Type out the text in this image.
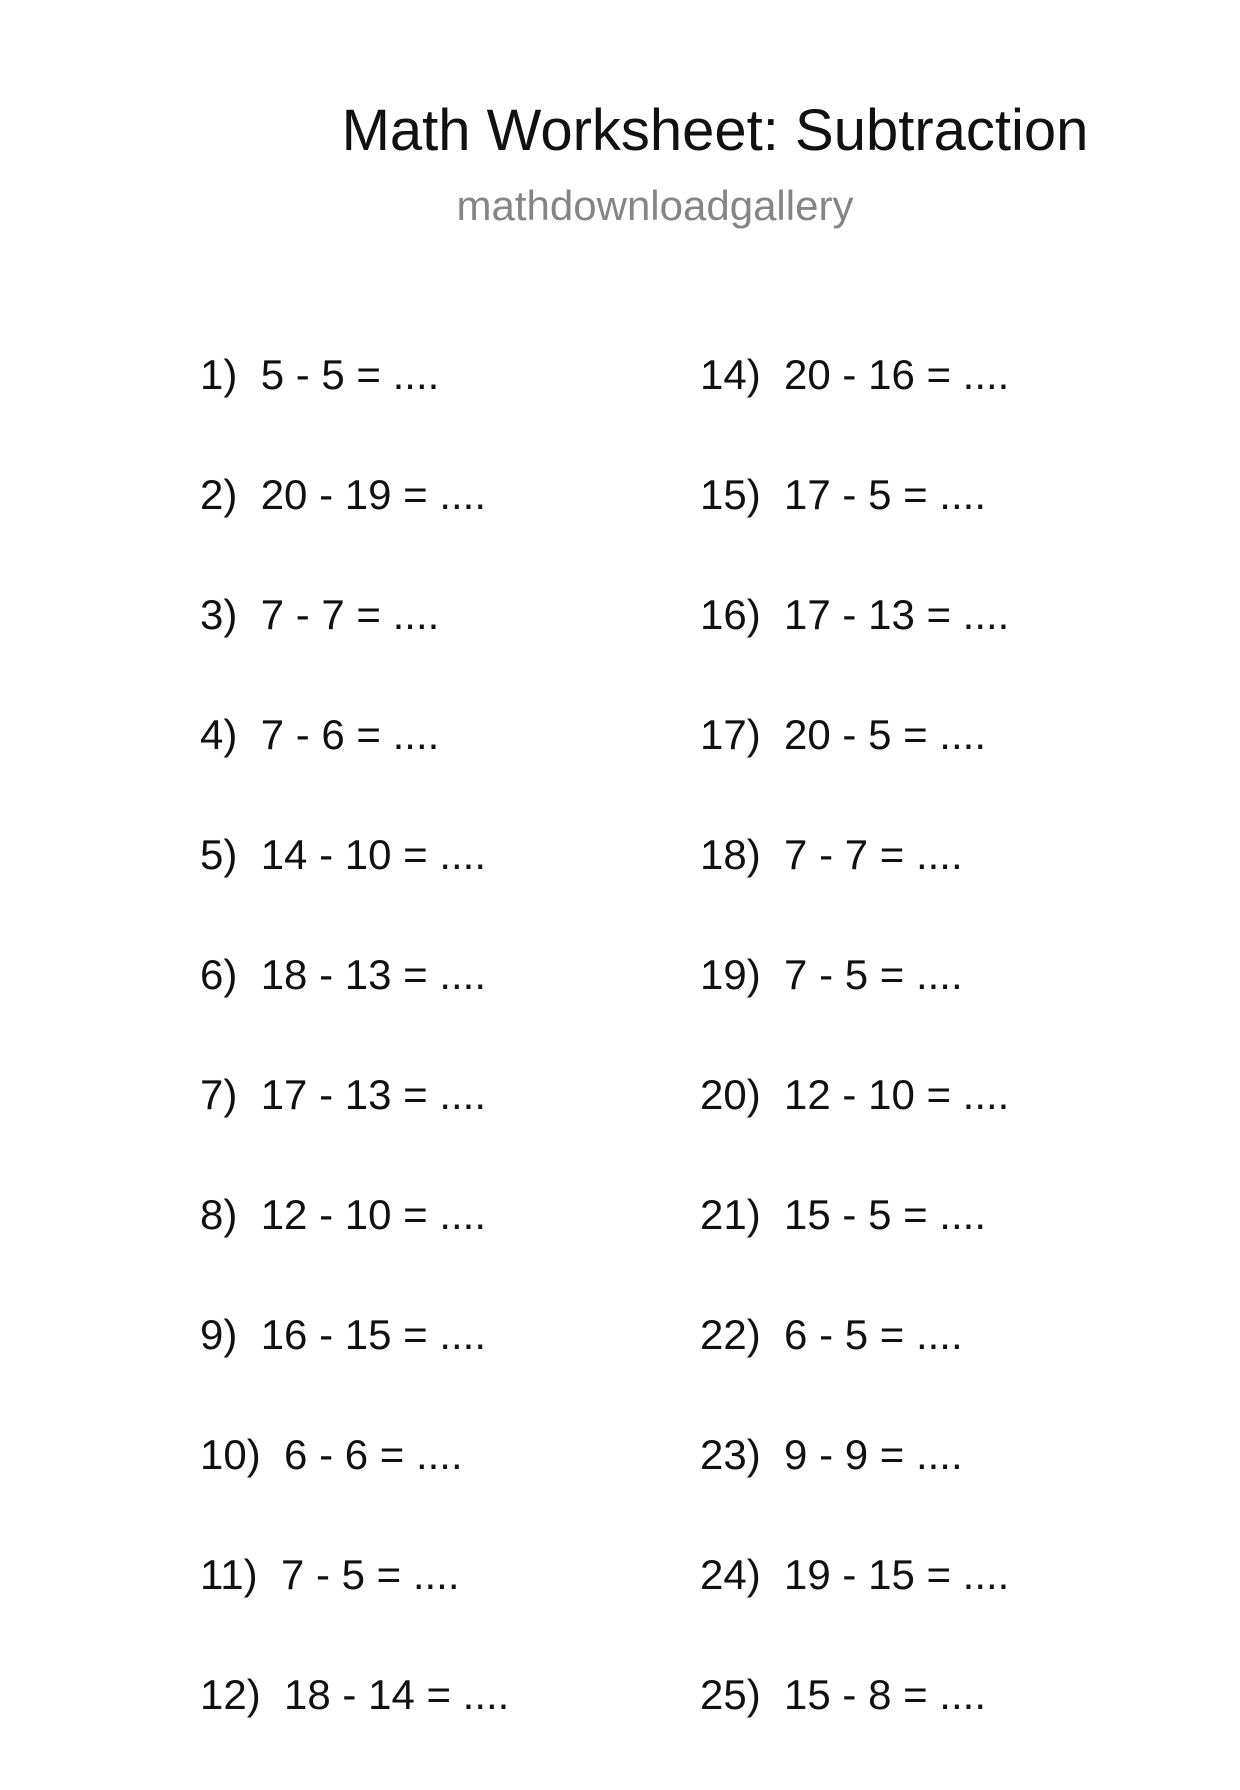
Math Worksheet: Subtraction
mathdownloadgallery
1) 5 - 5 = ....
2) 20 - 19 = ....
3) 7 - 7 = ....
4) 7 - 6 = ....
5) 14 - 10 = ....
6) 18 - 13 = ....
7) 17 - 13 = ....
8) 12 - 10 = ....
9) 16 - 15 = ....
10) 6 - 6 = ....
11) 7 - 5 = ....
12) 18 - 14 = ....
14) 20 - 16 = ....
15) 17 - 5 = ....
16) 17 - 13 = ....
17) 20 - 5 = ....
18) 7 - 7 = ....
19) 7 - 5 = ....
20) 12 - 10 = ....
21) 15 - 5 = ....
22) 6 - 5 = ....
23) 9 - 9 = ....
24) 19 - 15 = ....
25) 15 - 8 = ....
